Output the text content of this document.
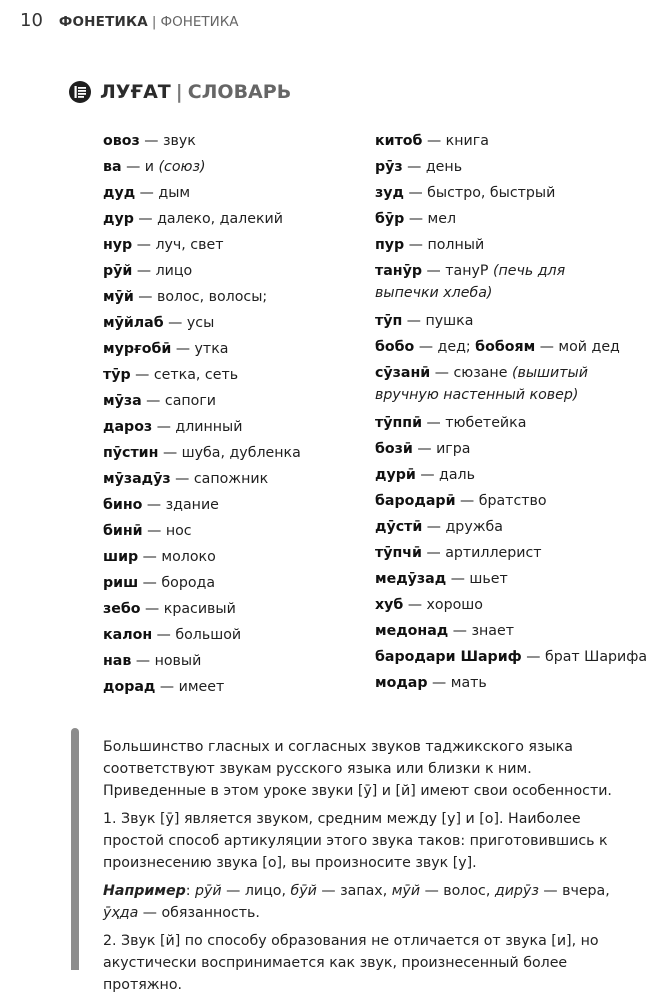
10 ФОНЕТИКА | ФОНЕТИКА
ЛУҒАТ | СЛОВАРЬ
овоз — звук
ва — и (союз)
дуд — дым
дур — далеко, далекий
нур — луч, свет
рӯй — лицо
мӯй — волос, волосы;
мӯйлаб — усы
мурғобӣ — утка
тӯр — сетка, сеть
мӯза — сапоги
дароз — длинный
пӯстин — шуба, дубленка
мӯзадӯз — сапожник
бино — здание
бинӣ — нос
шир — молоко
риш — борода
зебо — красивый
калон — большой
нав — новый
дорад — имеет
китоб — книга
рӯз — день
зуд — быстро, быстрый
бӯр — мел
пур — полный
танӯр — тануР (печь для выпечки хлеба)
тӯп — пушка
бобо — дед; бобоям — мой дед
сӯзанӣ — сюзане (вышитый вручную настенный ковер)
тӯппӣ — тюбетейка
бозӣ — игра
дурӣ — даль
бародарӣ — братство
дӯстӣ — дружба
тӯпчӣ — артиллерист
медӯзад — шьет
хуб — хорошо
медонад — знает
бародари Шариф — брат Шарифа
модар — мать

Большинство гласных и согласных звуков таджикского языка соответствуют звукам русского языка или близки к ним. Приведенные в этом уроке звуки [ӯ] и [й] имеют свои особенности.

1. Звук [ӯ] является звуком, средним между [у] и [о]. Наиболее простой способ артикуляции этого звука таков: приготовившись к произнесению звука [о], вы произносите звук [у].

Например: рӯй — лицо, бӯй — запах, мӯй — волос, дирӯз — вчера, ӯҳда — обязанность.

2. Звук [й] по способу образования не отличается от звука [и], но акустически воспринимается как звук, произнесенный более протяжно.
